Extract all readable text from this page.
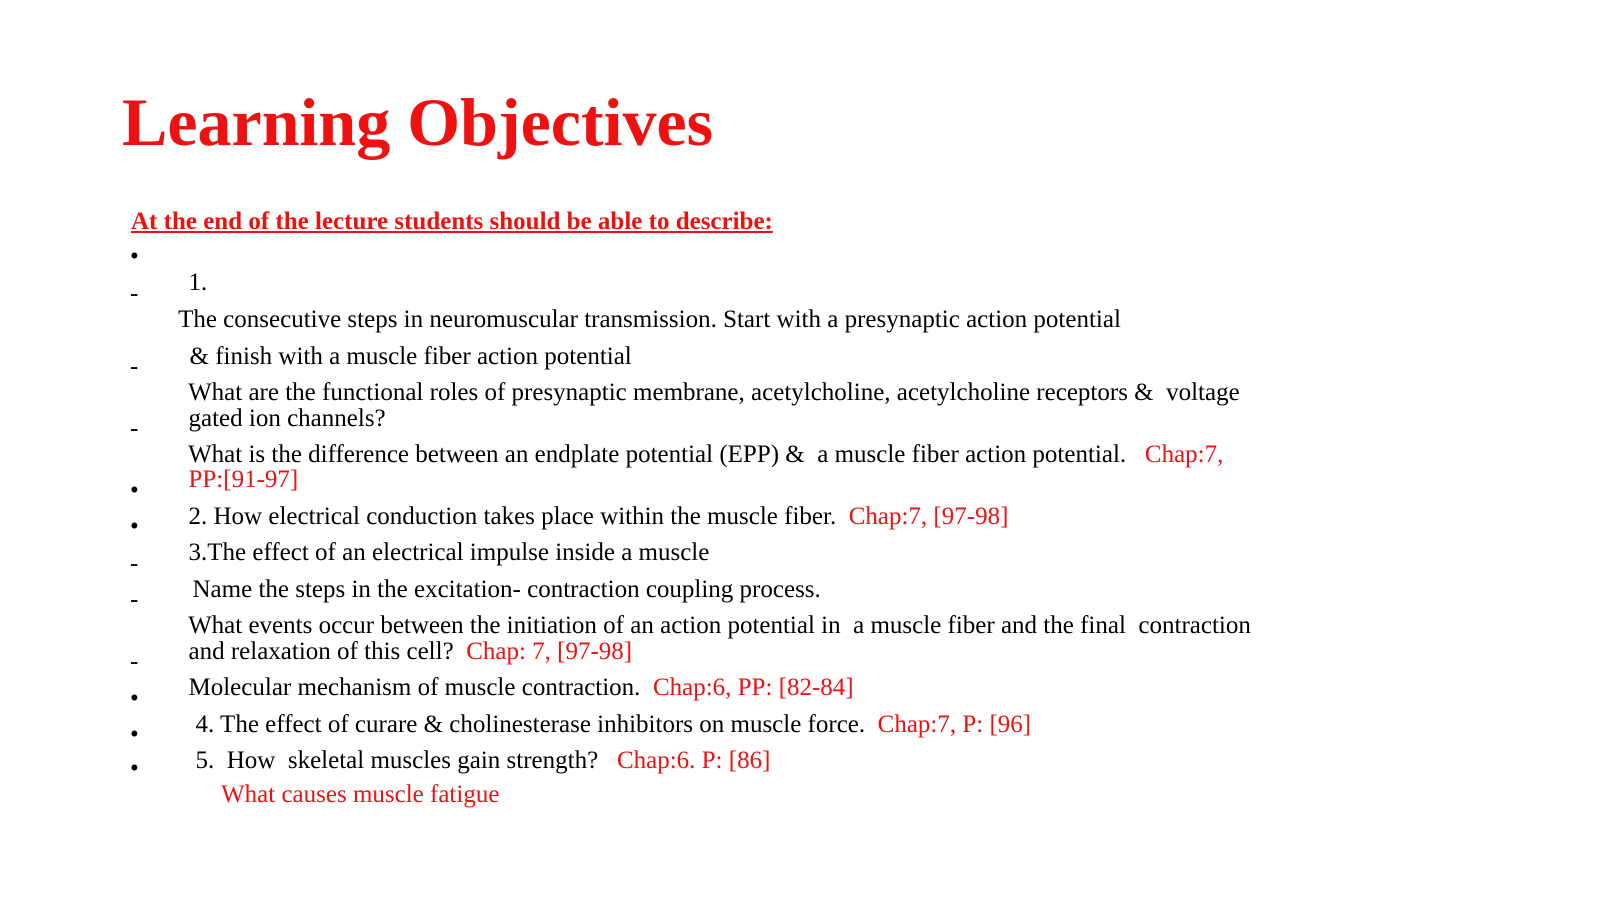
Learning Objectives
At the end of the lecture students should be able to describe:
•

1.

-

The consecutive steps in neuromuscular transmission. Start with a presynaptic action potential

& finish with a muscle fiber action potential

-

What are the functional roles of presynaptic membrane, acetylcholine, acetylcholine receptors &  voltage

gated ion channels?

-

What is the difference between an endplate potential (EPP) &  a muscle fiber action potential.   Chap:7,

PP:[91-97]

•

2. How electrical conduction takes place within the muscle fiber.  Chap:7, [97-98]

•

3.The effect of an electrical impulse inside a muscle

-

Name the steps in the excitation- contraction coupling process.

-

What events occur between the initiation of an action potential in  a muscle fiber and the final  contraction

and relaxation of this cell?  Chap: 7, [97-98]

-

Molecular mechanism of muscle contraction.  Chap:6, PP: [82-84]

•

4. The effect of curare & cholinesterase inhibitors on muscle force.  Chap:7, P: [96]

•

5.  How  skeletal muscles gain strength?   Chap:6. P: [86]

•

What causes muscle fatigue
